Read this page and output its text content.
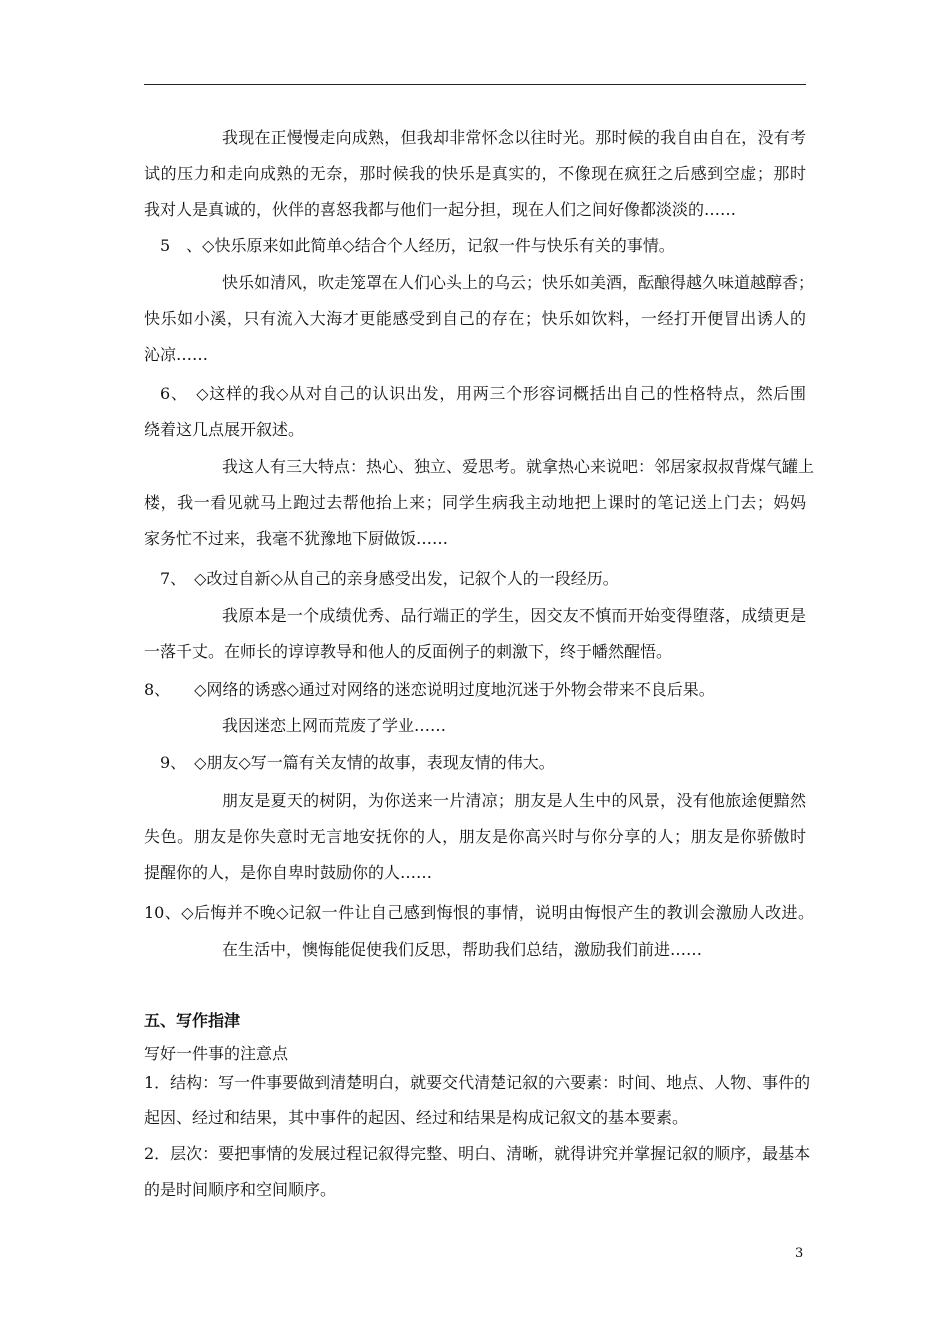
我现在正慢慢走向成熟，但我却非常怀念以往时光。那时候的我自由自在，没有考
试的压力和走向成熟的无奈，那时候我的快乐是真实的，不像现在疯狂之后感到空虚；那时
我对人是真诚的，伙伴的喜怒我都与他们一起分担，现在人们之间好像都淡淡的……
5　、◇快乐原来如此简单◇结合个人经历，记叙一件与快乐有关的事情。
快乐如清风，吹走笼罩在人们心头上的乌云；快乐如美酒，酝酿得越久味道越醇香；
快乐如小溪，只有流入大海才更能感受到自己的存在；快乐如饮料，一经打开便冒出诱人的
沁凉……
6、　◇这样的我◇从对自己的认识出发，用两三个形容词概括出自己的性格特点，然后围
绕着这几点展开叙述。
我这人有三大特点：热心、独立、爱思考。就拿热心来说吧：邻居家叔叔背煤气罐上
楼，我一看见就马上跑过去帮他抬上来；同学生病我主动地把上课时的笔记送上门去；妈妈
家务忙不过来，我毫不犹豫地下厨做饭……
7、　◇改过自新◇从自己的亲身感受出发，记叙个人的一段经历。
我原本是一个成绩优秀、品行端正的学生，因交友不慎而开始变得堕落，成绩更是
一落千丈。在师长的谆谆教导和他人的反面例子的刺激下，终于幡然醒悟。
8、　　◇网络的诱惑◇通过对网络的迷恋说明过度地沉迷于外物会带来不良后果。
我因迷恋上网而荒废了学业……
9、　◇朋友◇写一篇有关友情的故事，表现友情的伟大。
朋友是夏天的树阴，为你送来一片清凉；朋友是人生中的风景，没有他旅途便黯然
失色。朋友是你失意时无言地安抚你的人，朋友是你高兴时与你分享的人；朋友是你骄傲时
提醒你的人，是你自卑时鼓励你的人……
10、◇后悔并不晚◇记叙一件让自己感到悔恨的事情，说明由悔恨产生的教训会激励人改进。
在生活中，懊悔能促使我们反思，帮助我们总结，激励我们前进……
五、写作指津
写好一件事的注意点
1．结构：写一件事要做到清楚明白，就要交代清楚记叙的六要素：时间、地点、人物、事件的
起因、经过和结果，其中事件的起因、经过和结果是构成记叙文的基本要素。
2．层次：要把事情的发展过程记叙得完整、明白、清晰，就得讲究并掌握记叙的顺序，最基本
的是时间顺序和空间顺序。
3
